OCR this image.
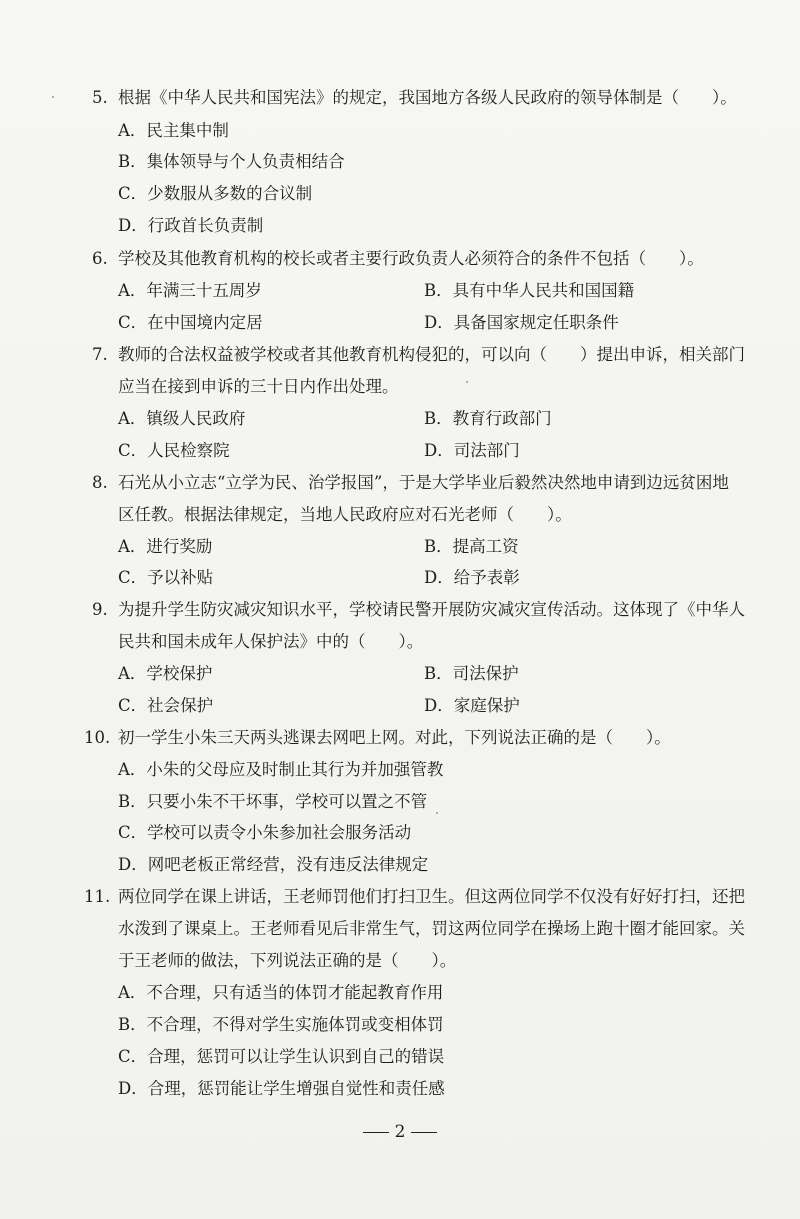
5. 根据《中华人民共和国宪法》的规定，我国地方各级人民政府的领导体制是（　　）。
A．民主集中制
B．集体领导与个人负责相结合
C．少数服从多数的合议制
D．行政首长负责制
6. 学校及其他教育机构的校长或者主要行政负责人必须符合的条件不包括（　　）。
A．年满三十五周岁	B．具有中华人民共和国国籍
C．在中国境内定居	D．具备国家规定任职条件
7. 教师的合法权益被学校或者其他教育机构侵犯的，可以向（　　）提出申诉，相关部门
应当在接到申诉的三十日内作出处理。
A．镇级人民政府	B．教育行政部门
C．人民检察院	D．司法部门
8. 石光从小立志“立学为民、治学报国”，于是大学毕业后毅然决然地申请到边远贫困地
区任教。根据法律规定，当地人民政府应对石光老师（　　）。
A．进行奖励	B．提高工资
C．予以补贴	D．给予表彰
9. 为提升学生防灾减灾知识水平，学校请民警开展防灾减灾宣传活动。这体现了《中华人
民共和国未成年人保护法》中的（　　）。
A．学校保护	B．司法保护
C．社会保护	D．家庭保护
10. 初一学生小朱三天两头逃课去网吧上网。对此，下列说法正确的是（　　）。
A．小朱的父母应及时制止其行为并加强管教
B．只要小朱不干坏事，学校可以置之不管
C．学校可以责令小朱参加社会服务活动
D．网吧老板正常经营，没有违反法律规定
11. 两位同学在课上讲话，王老师罚他们打扫卫生。但这两位同学不仅没有好好打扫，还把
水泼到了课桌上。王老师看见后非常生气，罚这两位同学在操场上跑十圈才能回家。关
于王老师的做法，下列说法正确的是（　　）。
A．不合理，只有适当的体罚才能起教育作用
B．不合理，不得对学生实施体罚或变相体罚
C．合理，惩罚可以让学生认识到自己的错误
D．合理，惩罚能让学生增强自觉性和责任感
2
